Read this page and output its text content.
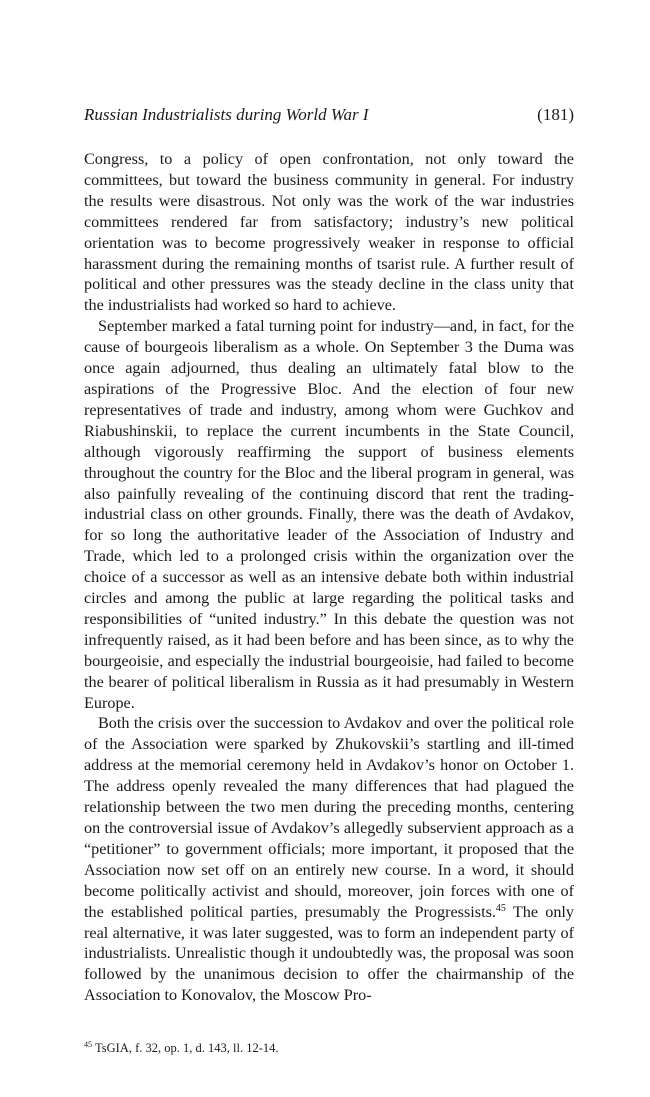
Russian Industrialists during World War I	(181)

Congress, to a policy of open confrontation, not only toward the committees, but toward the business community in general. For industry the results were disastrous. Not only was the work of the war industries committees rendered far from satisfactory; industry’s new political orientation was to become progressively weaker in response to official harassment during the remaining months of tsarist rule. A further result of political and other pressures was the steady decline in the class unity that the industrialists had worked so hard to achieve.

September marked a fatal turning point for industry—and, in fact, for the cause of bourgeois liberalism as a whole. On September 3 the Duma was once again adjourned, thus dealing an ultimately fatal blow to the aspirations of the Progressive Bloc. And the election of four new representatives of trade and industry, among whom were Guchkov and Riabushinskii, to replace the current incumbents in the State Council, although vigorously reaffirming the support of business elements throughout the country for the Bloc and the liberal program in general, was also painfully revealing of the continuing discord that rent the trading-industrial class on other grounds. Finally, there was the death of Avdakov, for so long the authoritative leader of the Association of Industry and Trade, which led to a prolonged crisis within the organization over the choice of a successor as well as an intensive debate both within industrial circles and among the public at large regarding the political tasks and responsibilities of “united industry.” In this debate the question was not infrequently raised, as it had been before and has been since, as to why the bourgeoisie, and especially the industrial bourgeoisie, had failed to become the bearer of political liberalism in Russia as it had presumably in Western Europe.

Both the crisis over the succession to Avdakov and over the political role of the Association were sparked by Zhukovskii’s startling and ill-timed address at the memorial ceremony held in Avdakov’s honor on October 1. The address openly revealed the many differences that had plagued the relationship between the two men during the preceding months, centering on the controversial issue of Avdakov’s allegedly subservient approach as a “petitioner” to government officials; more important, it proposed that the Association now set off on an entirely new course. In a word, it should become politically activist and should, moreover, join forces with one of the established political parties, presumably the Progressists.$^{45}$ The only real alternative, it was later suggested, was to form an independent party of industrialists. Unrealistic though it undoubtedly was, the proposal was soon followed by the unanimous decision to offer the chairmanship of the Association to Konovalov, the Moscow Pro-

$^{45}$ TsGIA, f. 32, op. 1, d. 143, ll. 12-14.
